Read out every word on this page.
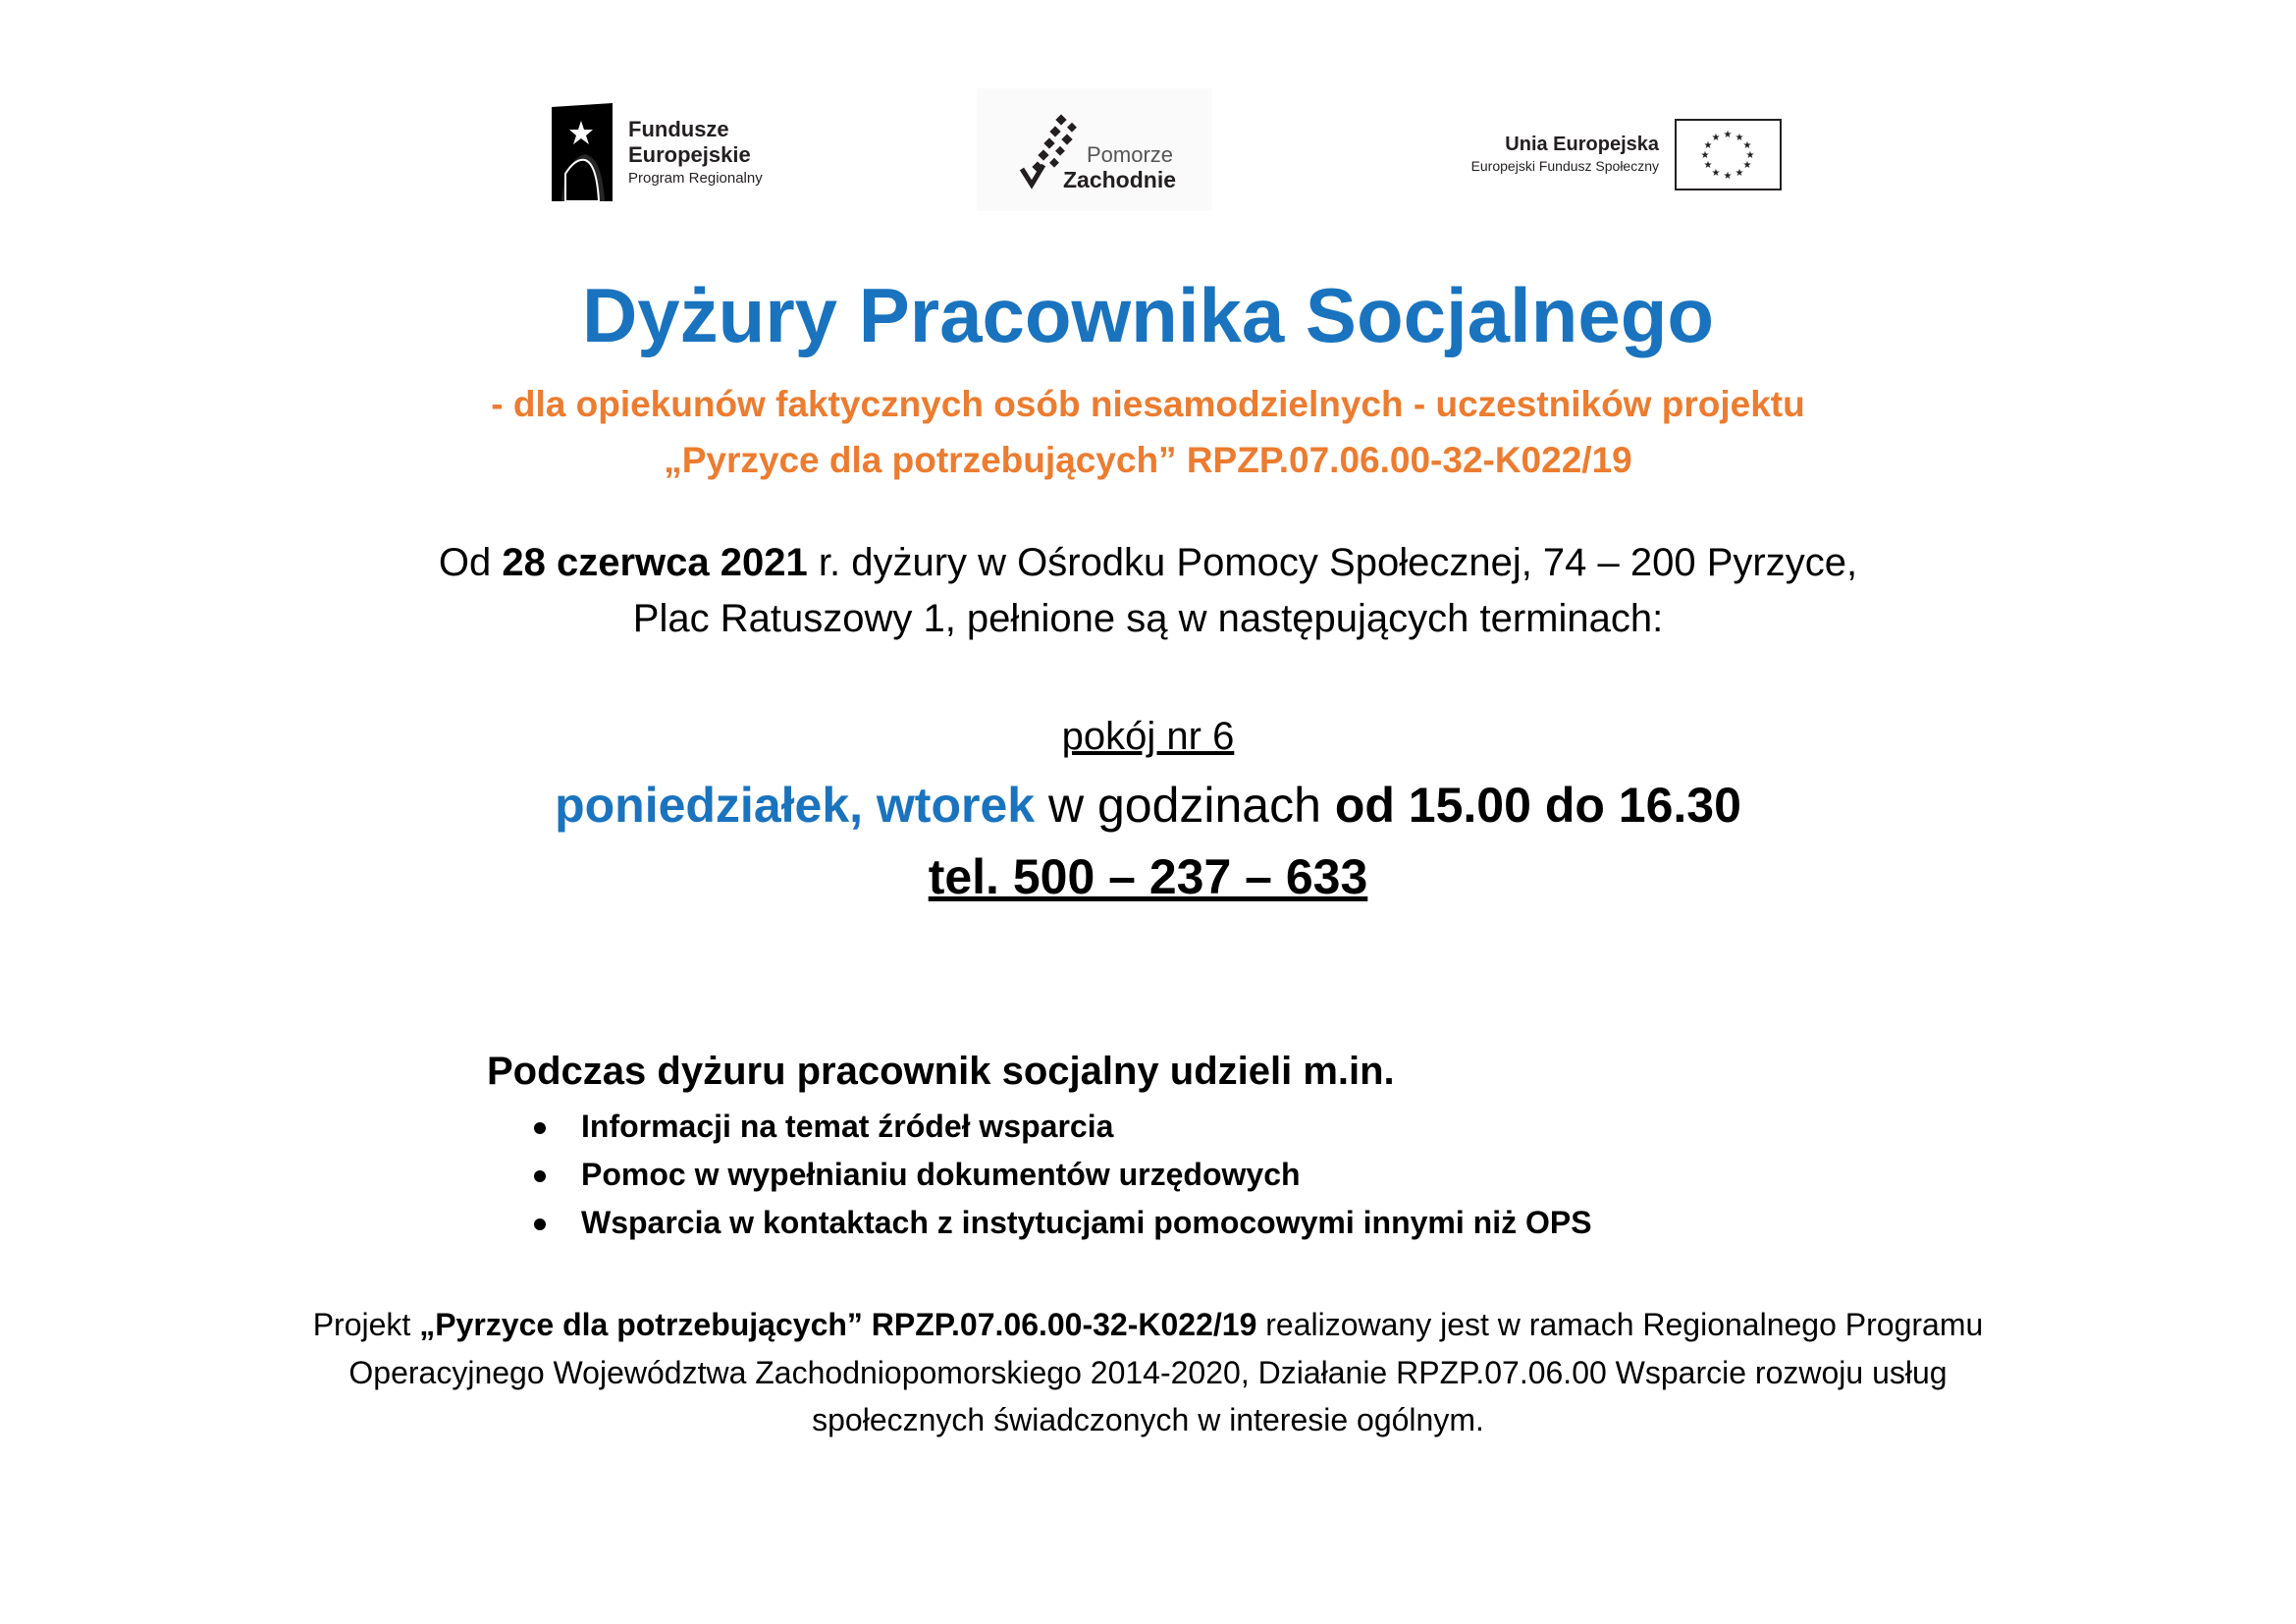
Fundusze
Europejskie
Program Regionalny
Pomorze
Zachodnie
Unia Europejska
Europejski Fundusz Społeczny
★ ★
★
★
★
★
★
★
★
★
★
★
Dyżury Pracownika Socjalnego
- dla opiekunów faktycznych osób niesamodzielnych - uczestników projektu
„Pyrzyce dla potrzebujących” RPZP.07.06.00-32-K022/19
Od 28 czerwca 2021 r. dyżury w Ośrodku Pomocy Społecznej, 74 – 200 Pyrzyce,
Plac Ratuszowy 1, pełnione są w następujących terminach:
pokój nr 6
poniedziałek, wtorek w godzinach od 15.00 do 16.30
tel. 500 – 237 – 633
Podczas dyżuru pracownik socjalny udzieli m.in.
Informacji na temat źródeł wsparcia
Pomoc w wypełnianiu dokumentów urzędowych
Wsparcia w kontaktach z instytucjami pomocowymi innymi niż OPS
Projekt „Pyrzyce dla potrzebujących” RPZP.07.06.00-32-K022/19 realizowany jest w ramach Regionalnego Programu
Operacyjnego Województwa Zachodniopomorskiego 2014-2020, Działanie RPZP.07.06.00 Wsparcie rozwoju usług
społecznych świadczonych w interesie ogólnym.
